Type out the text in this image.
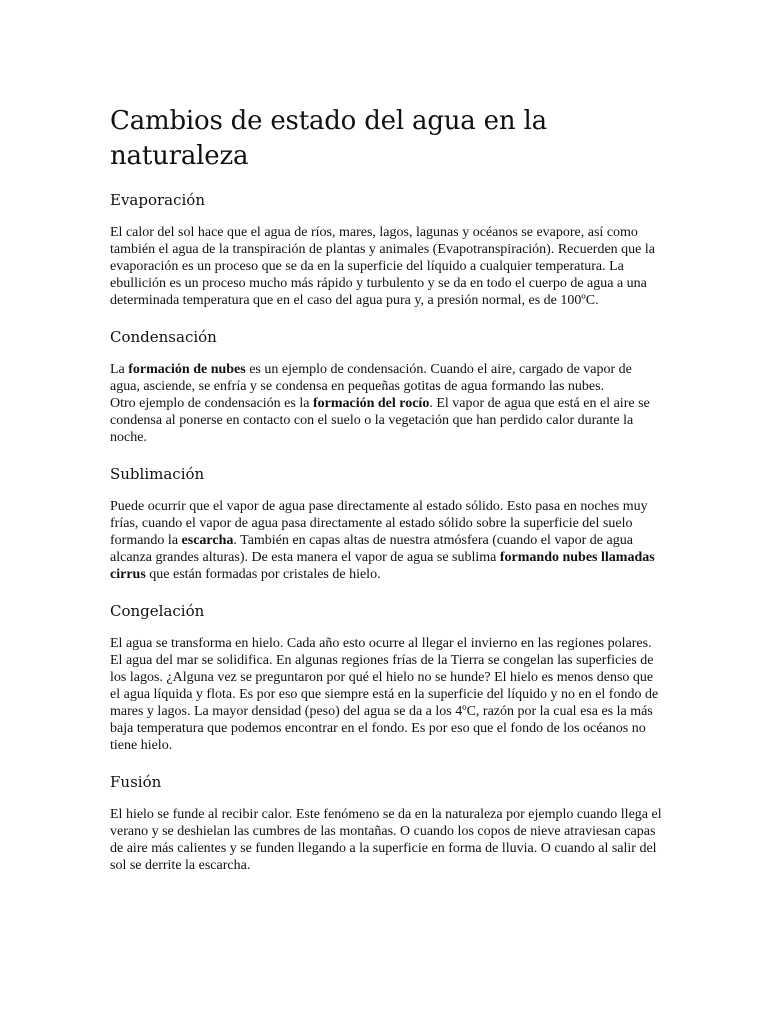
Cambios de estado del agua en la naturaleza
Evaporación
El calor del sol hace que el agua de ríos, mares, lagos, lagunas y océanos se evapore, así como también el agua de la transpiración de plantas y animales (Evapotranspiración). Recuerden que la evaporación es un proceso que se da en la superficie del líquido a cualquier temperatura. La ebullición es un proceso mucho más rápido y turbulento y se da en todo el cuerpo de agua a una determinada temperatura que en el caso del agua pura y, a presión normal, es de 100ºC.
Condensación
La formación de nubes es un ejemplo de condensación. Cuando el aire, cargado de vapor de agua, asciende, se enfría y se condensa en pequeñas gotitas de agua formando las nubes.
Otro ejemplo de condensación es la formación del rocío. El vapor de agua que está en el aire se condensa al ponerse en contacto con el suelo o la vegetación que han perdido calor durante la noche.
Sublimación
Puede ocurrir que el vapor de agua pase directamente al estado sólido. Esto pasa en noches muy frías, cuando el vapor de agua pasa directamente al estado sólido sobre la superficie del suelo formando la escarcha. También en capas altas de nuestra atmósfera (cuando el vapor de agua alcanza grandes alturas). De esta manera el vapor de agua se sublima formando nubes llamadas cirrus que están formadas por cristales de hielo.
Congelación
El agua se transforma en hielo. Cada año esto ocurre al llegar el invierno en las regiones polares. El agua del mar se solidifica. En algunas regiones frías de la Tierra se congelan las superficies de los lagos. ¿Alguna vez se preguntaron por qué el hielo no se hunde? El hielo es menos denso que el agua líquida y flota. Es por eso que siempre está en la superficie del líquido y no en el fondo de mares y lagos. La mayor densidad (peso) del agua se da a los 4ºC, razón por la cual esa es la más baja temperatura que podemos encontrar en el fondo. Es por eso que el fondo de los océanos no tiene hielo.
Fusión
El hielo se funde al recibir calor. Este fenómeno se da en la naturaleza por ejemplo cuando llega el verano y se deshielan las cumbres de las montañas. O cuando los copos de nieve atraviesan capas de aire más calientes y se funden llegando a la superficie en forma de lluvia. O cuando al salir del sol se derrite la escarcha.
